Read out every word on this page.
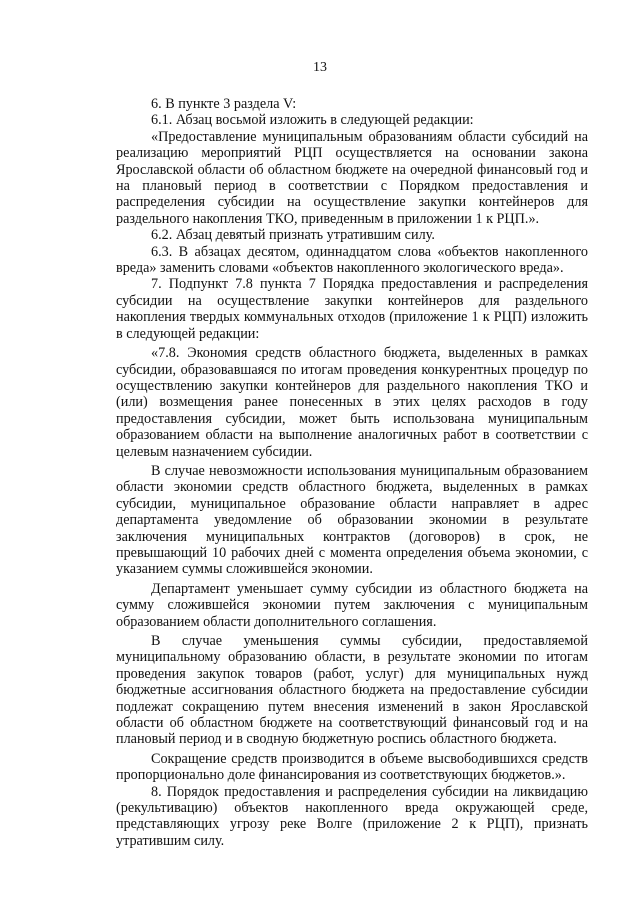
13

6. В пункте 3 раздела V:

6.1. Абзац восьмой изложить в следующей редакции:

«Предоставление муниципальным образованиям области субсидий на реализацию мероприятий РЦП осуществляется на основании закона Ярославской области об областном бюджете на очередной финансовый год и на плановый период в соответствии с Порядком предоставления и распределения субсидии на осуществление закупки контейнеров для раздельного накопления ТКО, приведенным в приложении 1 к РЦП.».

6.2. Абзац девятый признать утратившим силу.

6.3. В абзацах десятом, одиннадцатом слова «объектов накопленного вреда» заменить словами «объектов накопленного экологического вреда».

7. Подпункт 7.8 пункта 7 Порядка предоставления и распределения субсидии на осуществление закупки контейнеров для раздельного накопления твердых коммунальных отходов (приложение 1 к РЦП) изложить в следующей редакции:

«7.8. Экономия средств областного бюджета, выделенных в рамках субсидии, образовавшаяся по итогам проведения конкурентных процедур по осуществлению закупки контейнеров для раздельного накопления ТКО и (или) возмещения ранее понесенных в этих целях расходов в году предоставления субсидии, может быть использована муниципальным образованием области на выполнение аналогичных работ в соответствии с целевым назначением субсидии.

В случае невозможности использования муниципальным образованием области экономии средств областного бюджета, выделенных в рамках субсидии, муниципальное образование области направляет в адрес департамента уведомление об образовании экономии в результате заключения муниципальных контрактов (договоров) в срок, не превышающий 10 рабочих дней с момента определения объема экономии, с указанием суммы сложившейся экономии.

Департамент уменьшает сумму субсидии из областного бюджета на сумму сложившейся экономии путем заключения с муниципальным образованием области дополнительного соглашения.

В случае уменьшения суммы субсидии, предоставляемой муниципальному образованию области, в результате экономии по итогам проведения закупок товаров (работ, услуг) для муниципальных нужд бюджетные ассигнования областного бюджета на предоставление субсидии подлежат сокращению путем внесения изменений в закон Ярославской области об областном бюджете на соответствующий финансовый год и на плановый период и в сводную бюджетную роспись областного бюджета.

Сокращение средств производится в объеме высвободившихся средств пропорционально доле финансирования из соответствующих бюджетов.».

8. Порядок предоставления и распределения субсидии на ликвидацию (рекультивацию) объектов накопленного вреда окружающей среде, представляющих угрозу реке Волге (приложение 2 к РЦП), признать утратившим силу.
